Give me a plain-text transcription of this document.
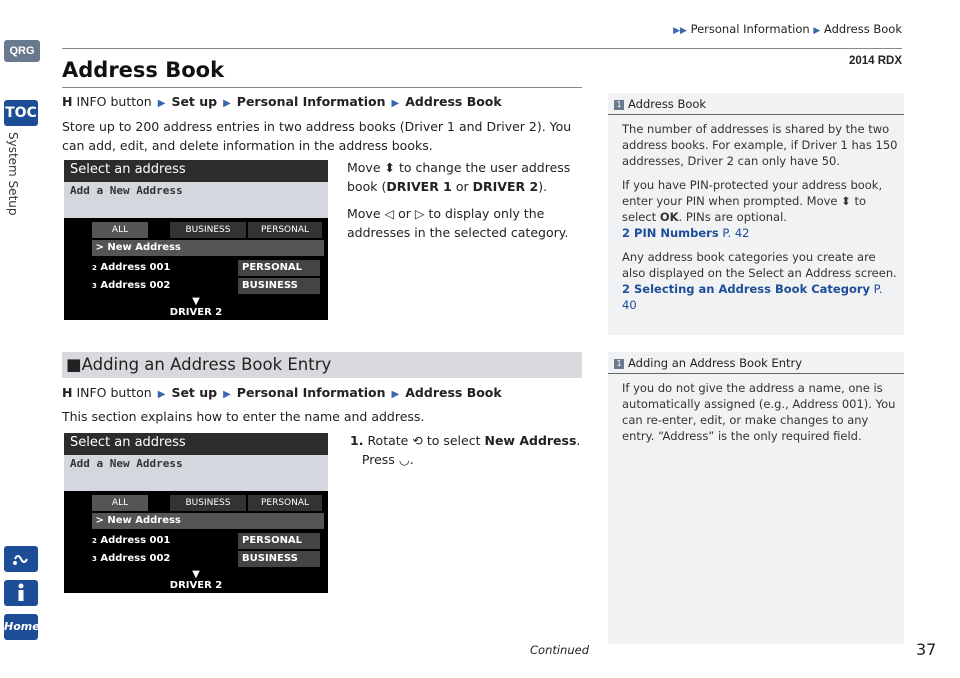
QRG
TOC
System Setup
Home
▶▶ Personal Information ▶ Address Book
2014 RDX
Address Book
H INFO button ▶ Set up ▶ Personal Information ▶ Address Book
Store up to 200 address entries in two address books (Driver 1 and Driver 2). You can add, edit, and delete information in the address books.
Select an address
Add a New Address
ALL	BUSINESS	PERSONAL
> New Address
2 Address 001	PERSONAL
3 Address 002	BUSINESS
▼
DRIVER 2
Move ⬍ to change the user address book (DRIVER 1 or DRIVER 2).
Move ◁ or ▷ to display only the addresses in the selected category.
1 Address Book

The number of addresses is shared by the two address books. For example, if Driver 1 has 150 addresses, Driver 2 can only have 50.

If you have PIN-protected your address book, enter your PIN when prompted. Move ⬍ to select OK. PINs are optional.
2 PIN Numbers P. 42

Any address book categories you create are also displayed on the Select an Address screen.
2 Selecting an Address Book Category P. 40

■Adding an Address Book Entry
H INFO button ▶ Set up ▶ Personal Information ▶ Address Book
This section explains how to enter the name and address.
Select an address
Add a New Address
ALL	BUSINESS	PERSONAL
> New Address
2 Address 001	PERSONAL
3 Address 002	BUSINESS
▼
DRIVER 2
1. Rotate ⟲ to select New Address.
Press ◡.
1 Adding an Address Book Entry

If you do not give the address a name, one is automatically assigned (e.g., Address 001). You can re-enter, edit, or make changes to any entry. “Address” is the only required field.

Continued	37
